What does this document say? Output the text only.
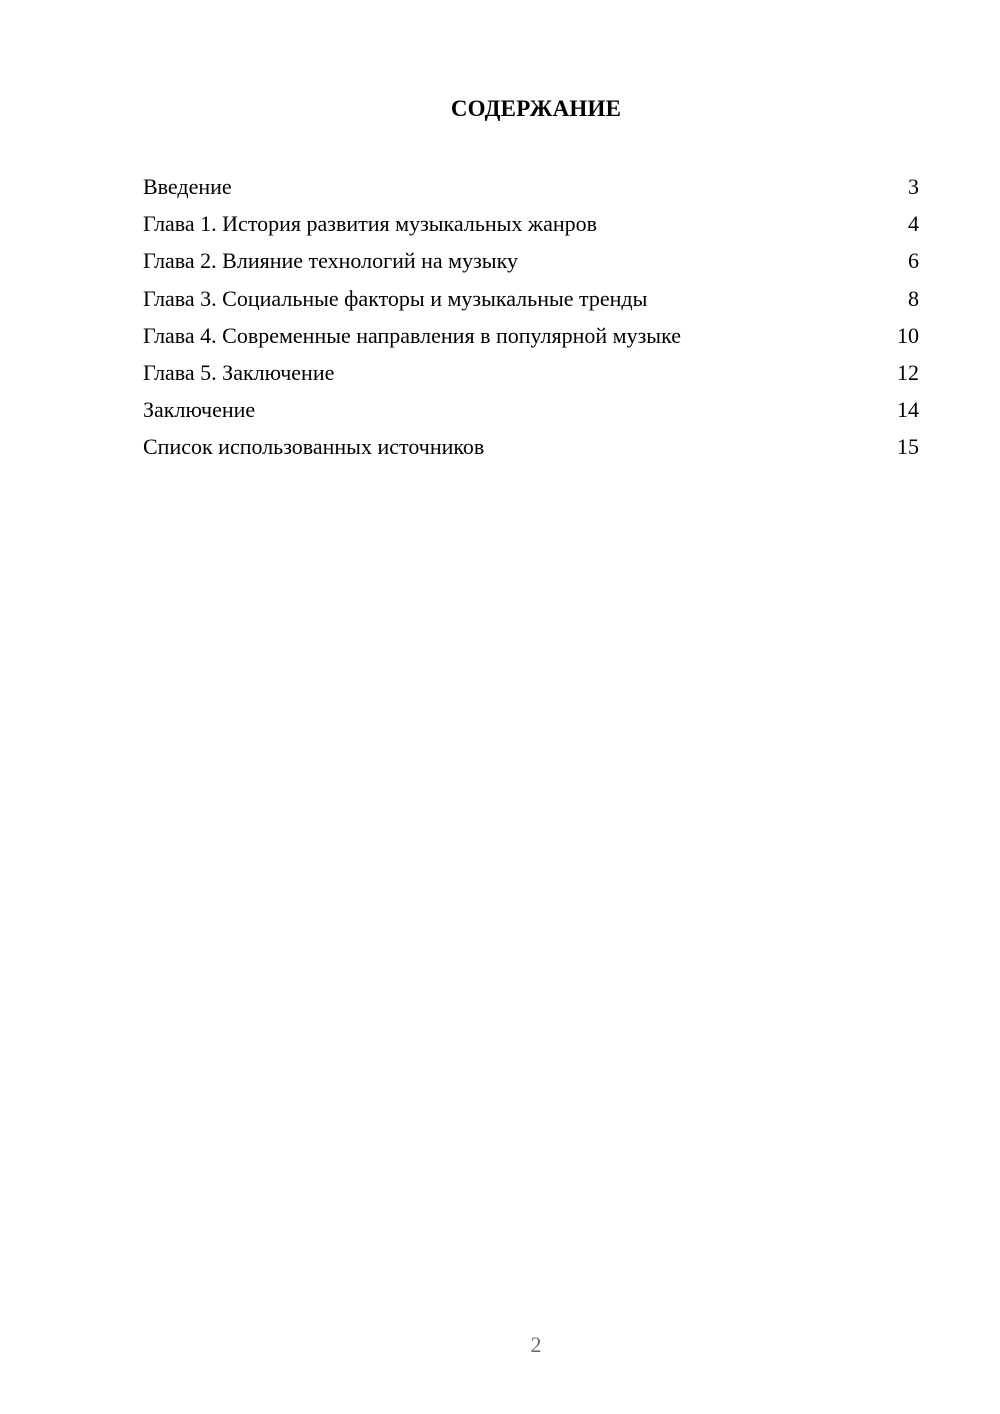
СОДЕРЖАНИЕ
Введение	3
Глава 1. История развития музыкальных жанров	4
Глава 2. Влияние технологий на музыку	6
Глава 3. Социальные факторы и музыкальные тренды	8
Глава 4. Современные направления в популярной музыке	10
Глава 5. Заключение	12
Заключение	14
Список использованных источников	15
2
